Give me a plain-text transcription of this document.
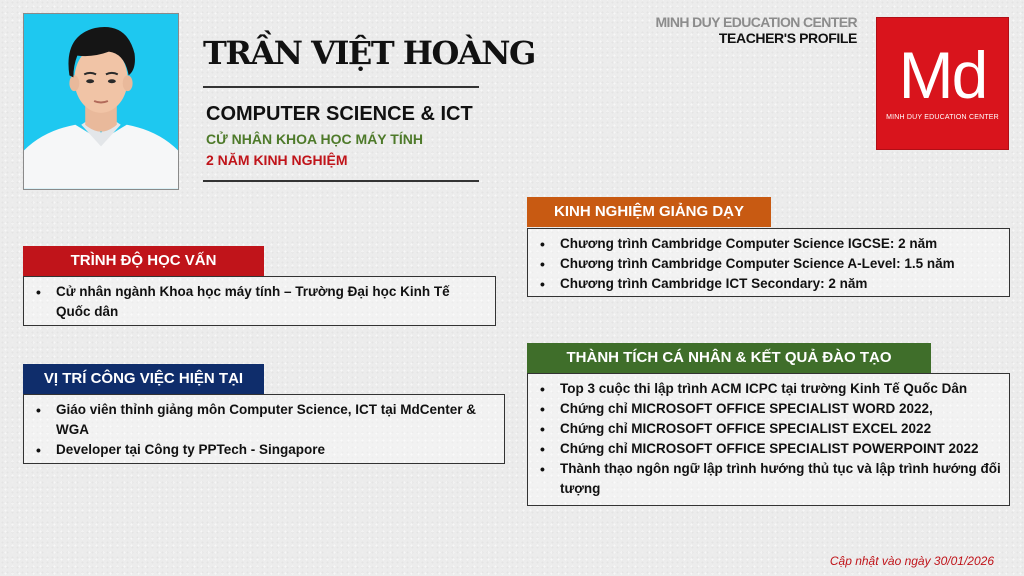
TRẦN VIỆT HOÀNG
COMPUTER SCIENCE & ICT
CỬ NHÂN KHOA HỌC MÁY TÍNH
2 NĂM KINH NGHIỆM
MINH DUY EDUCATION CENTER
TEACHER'S PROFILE Md
MINH DUY EDUCATION CENTER
TRÌNH ĐỘ HỌC VẤN
• Cử nhân ngành Khoa học máy tính – Trường Đại học Kinh Tế Quốc dân
VỊ TRÍ CÔNG VIỆC HIỆN TẠI
• Giáo viên thỉnh giảng môn Computer Science, ICT tại MdCenter & WGA
• Developer tại Công ty PPTech - Singapore
KINH NGHIỆM GIẢNG DẠY
• Chương trình Cambridge Computer Science IGCSE: 2 năm
• Chương trình Cambridge Computer Science A-Level: 1.5 năm
• Chương trình Cambridge ICT Secondary: 2 năm
THÀNH TÍCH CÁ NHÂN & KẾT QUẢ ĐÀO TẠO
• Top 3 cuộc thi lập trình ACM ICPC tại trường Kinh Tế Quốc Dân
• Chứng chỉ MICROSOFT OFFICE SPECIALIST WORD 2022,
• Chứng chỉ MICROSOFT OFFICE SPECIALIST EXCEL 2022
• Chứng chỉ MICROSOFT OFFICE SPECIALIST POWERPOINT 2022
• Thành thạo ngôn ngữ lập trình hướng thủ tục và lập trình hướng đối tượng
Cập nhật vào ngày 30/01/2026
